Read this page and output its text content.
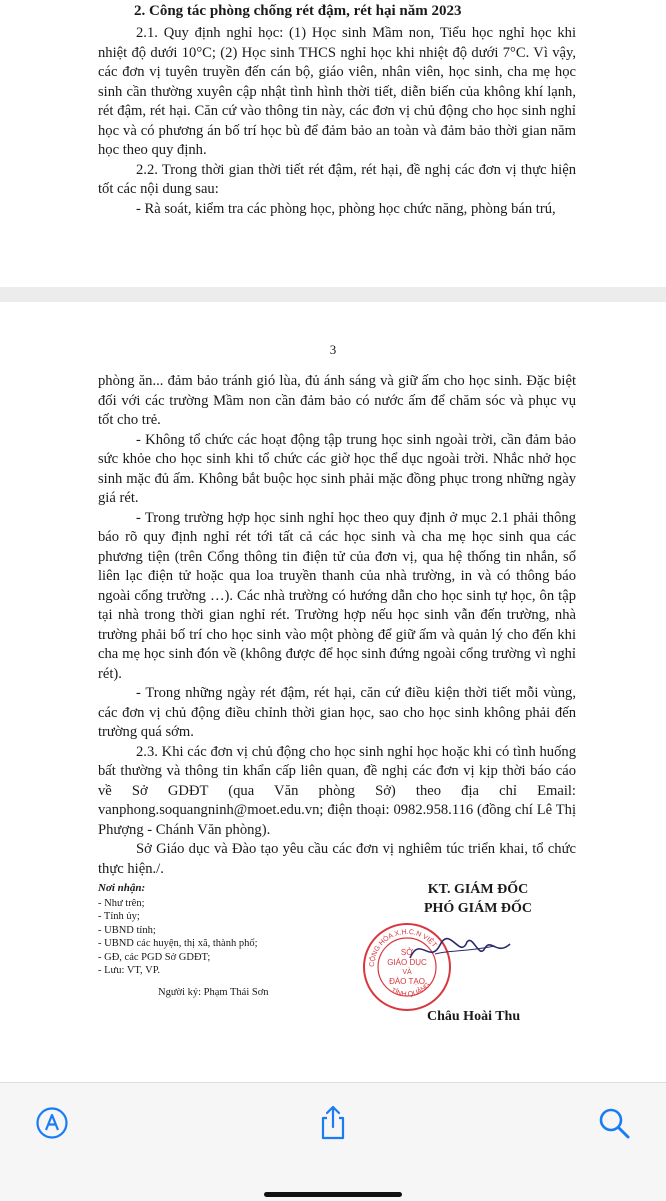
2. Công tác phòng chống rét đậm, rét hại năm 2023

2.1. Quy định nghỉ học: (1) Học sinh Mầm non, Tiểu học nghỉ học khi nhiệt độ dưới 10°C; (2) Học sinh THCS nghỉ học khi nhiệt độ dưới 7°C. Vì vậy, các đơn vị tuyên truyền đến cán bộ, giáo viên, nhân viên, học sinh, cha mẹ học sinh cần thường xuyên cập nhật tình hình thời tiết, diễn biến của không khí lạnh, rét đậm, rét hại. Căn cứ vào thông tin này, các đơn vị chủ động cho học sinh nghỉ học và có phương án bố trí học bù để đảm bảo an toàn và đảm bảo thời gian năm học theo quy định.

2.2. Trong thời gian thời tiết rét đậm, rét hại, đề nghị các đơn vị thực hiện tốt các nội dung sau:

- Rà soát, kiểm tra các phòng học, phòng học chức năng, phòng bán trú,

3

phòng ăn... đảm bảo tránh gió lùa, đủ ánh sáng và giữ ấm cho học sinh. Đặc biệt đối với các trường Mầm non cần đảm bảo có nước ấm để chăm sóc và phục vụ tốt cho trẻ.

- Không tổ chức các hoạt động tập trung học sinh ngoài trời, cần đảm bảo sức khỏe cho học sinh khi tổ chức các giờ học thể dục ngoài trời. Nhắc nhở học sinh mặc đủ ấm. Không bắt buộc học sinh phải mặc đồng phục trong những ngày giá rét.

- Trong trường hợp học sinh nghỉ học theo quy định ở mục 2.1 phải thông báo rõ quy định nghỉ rét tới tất cả các học sinh và cha mẹ học sinh qua các phương tiện (trên Cổng thông tin điện tử của đơn vị, qua hệ thống tin nhắn, sổ liên lạc điện tử hoặc qua loa truyền thanh của nhà trường, in và có thông báo ngoài cổng trường …). Các nhà trường có hướng dẫn cho học sinh tự học, ôn tập tại nhà trong thời gian nghỉ rét. Trường hợp nếu học sinh vẫn đến trường, nhà trường phải bố trí cho học sinh vào một phòng để giữ ấm và quản lý cho đến khi cha mẹ học sinh đón về (không được để học sinh đứng ngoài cổng trường vì nghỉ rét).

- Trong những ngày rét đậm, rét hại, căn cứ điều kiện thời tiết mỗi vùng, các đơn vị chủ động điều chỉnh thời gian học, sao cho học sinh không phải đến trường quá sớm.

2.3. Khi các đơn vị chủ động cho học sinh nghỉ học hoặc khi có tình huống bất thường và thông tin khẩn cấp liên quan, đề nghị các đơn vị kịp thời báo cáo về Sở GDĐT (qua Văn phòng Sở) theo địa chỉ Email: vanphong.soquangninh@moet.edu.vn; điện thoại: 0982.958.116 (đồng chí Lê Thị Phượng - Chánh Văn phòng).

Sở Giáo dục và Đào tạo yêu cầu các đơn vị nghiêm túc triển khai, tổ chức thực hiện./.

Nơi nhận:
- Như trên;
- Tỉnh ủy;
- UBND tỉnh;
- UBND các huyện, thị xã, thành phố;
- GĐ, các PGD Sở GDĐT;
- Lưu: VT, VP.
Người ký: Phạm Thái Sơn
KT. GIÁM ĐỐC
PHÓ GIÁM ĐỐC
CỘNG HÒA X.H.C.N VIỆT
TỈNH QUẢNG
SỞ
GIÁO DỤC
VÀ
ĐÀO TẠO
Châu Hoài Thu
